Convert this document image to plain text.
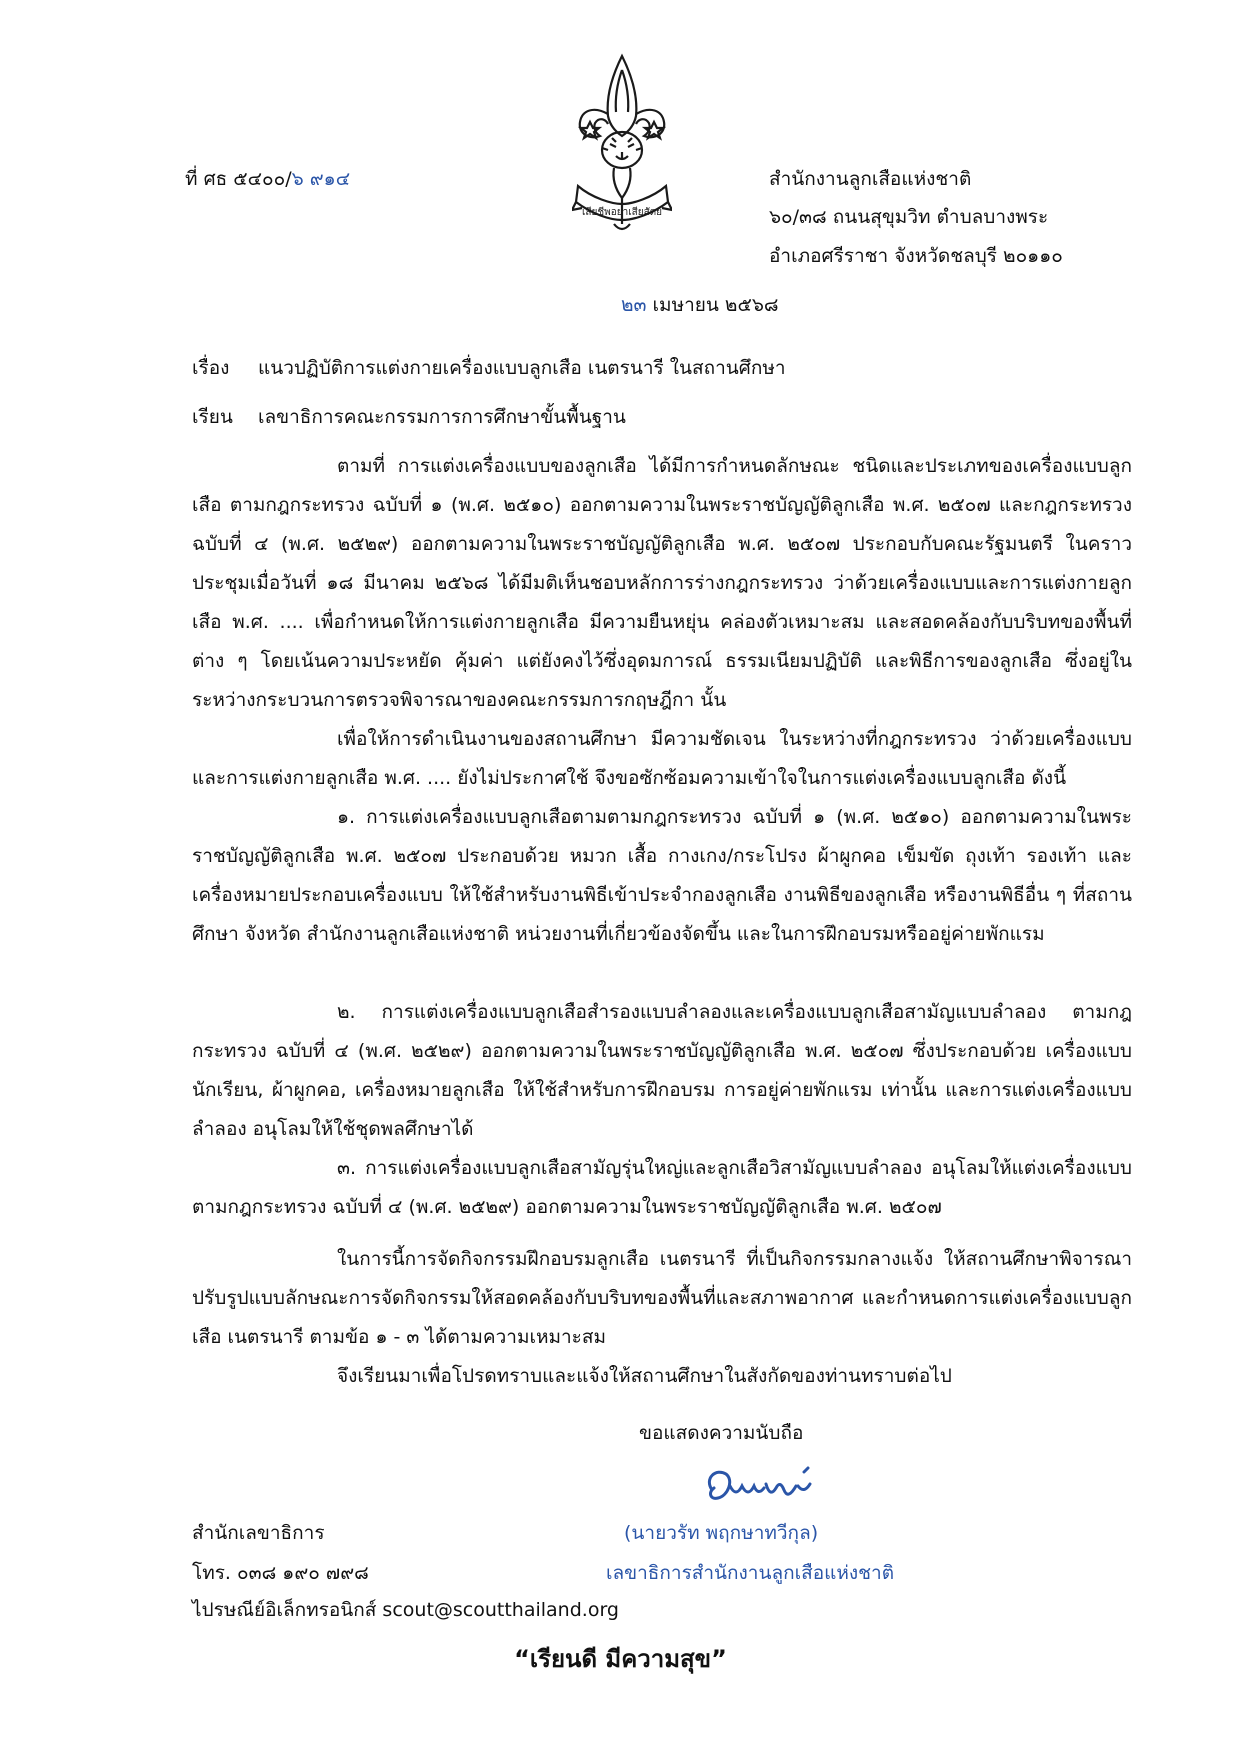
เสียชีพอย่าเสียสัตย์
ที่ ศธ ๕๔๐๐/๖ ๙๑๔	สำนักงานลูกเสือแห่งชาติ
๖๐/๓๘ ถนนสุขุมวิท ตำบลบางพระ
อำเภอศรีราชา จังหวัดชลบุรี ๒๐๑๑๐
๒๓ เมษายน ๒๕๖๘
เรื่อง แนวปฏิบัติการแต่งกายเครื่องแบบลูกเสือ เนตรนารี ในสถานศึกษา
เรียน เลขาธิการคณะกรรมการการศึกษาขั้นพื้นฐาน

ตามที่ การแต่งเครื่องแบบของลูกเสือ ได้มีการกำหนดลักษณะ ชนิดและประเภทของเครื่องแบบลูกเสือ ตามกฎกระทรวง ฉบับที่ ๑ (พ.ศ. ๒๕๑๐) ออกตามความในพระราชบัญญัติลูกเสือ พ.ศ. ๒๕๐๗ และกฎกระทรวง ฉบับที่ ๔ (พ.ศ. ๒๕๒๙) ออกตามความในพระราชบัญญัติลูกเสือ พ.ศ. ๒๕๐๗ ประกอบกับคณะรัฐมนตรี ในคราวประชุมเมื่อวันที่ ๑๘ มีนาคม ๒๕๖๘ ได้มีมติเห็นชอบหลักการร่างกฎกระทรวง ว่าด้วยเครื่องแบบและการแต่งกายลูกเสือ พ.ศ. .... เพื่อกำหนดให้การแต่งกายลูกเสือ มีความยืนหยุ่น คล่องตัวเหมาะสม และสอดคล้องกับบริบทของพื้นที่ต่าง ๆ โดยเน้นความประหยัด คุ้มค่า แต่ยังคงไว้ซึ่งอุดมการณ์ ธรรมเนียมปฏิบัติ และพิธีการของลูกเสือ ซึ่งอยู่ในระหว่างกระบวนการตรวจพิจารณาของคณะกรรมการกฤษฎีกา นั้น

เพื่อให้การดำเนินงานของสถานศึกษา มีความชัดเจน ในระหว่างที่กฎกระทรวง ว่าด้วยเครื่องแบบและการแต่งกายลูกเสือ พ.ศ. .... ยังไม่ประกาศใช้ จึงขอซักซ้อมความเข้าใจในการแต่งเครื่องแบบลูกเสือ ดังนี้

๑. การแต่งเครื่องแบบลูกเสือตามตามกฎกระทรวง ฉบับที่ ๑ (พ.ศ. ๒๕๑๐) ออกตามความในพระราชบัญญัติลูกเสือ พ.ศ. ๒๕๐๗ ประกอบด้วย หมวก เสื้อ กางเกง/กระโปรง ผ้าผูกคอ เข็มขัด ถุงเท้า รองเท้า และเครื่องหมายประกอบเครื่องแบบ ให้ใช้สำหรับงานพิธีเข้าประจำกองลูกเสือ งานพิธีของลูกเสือ หรืองานพิธีอื่น ๆ ที่สถานศึกษา จังหวัด สำนักงานลูกเสือแห่งชาติ หน่วยงานที่เกี่ยวข้องจัดขึ้น และในการฝึกอบรมหรืออยู่ค่ายพักแรม

๒. การแต่งเครื่องแบบลูกเสือสำรองแบบลำลองและเครื่องแบบลูกเสือสามัญแบบลำลอง ตามกฎกระทรวง ฉบับที่ ๔ (พ.ศ. ๒๕๒๙) ออกตามความในพระราชบัญญัติลูกเสือ พ.ศ. ๒๕๐๗ ซึ่งประกอบด้วย เครื่องแบบนักเรียน, ผ้าผูกคอ, เครื่องหมายลูกเสือ ให้ใช้สำหรับการฝึกอบรม การอยู่ค่ายพักแรม เท่านั้น และการแต่งเครื่องแบบลำลอง อนุโลมให้ใช้ชุดพลศึกษาได้

๓. การแต่งเครื่องแบบลูกเสือสามัญรุ่นใหญ่และลูกเสือวิสามัญแบบลำลอง อนุโลมให้แต่งเครื่องแบบตามกฎกระทรวง ฉบับที่ ๔ (พ.ศ. ๒๕๒๙) ออกตามความในพระราชบัญญัติลูกเสือ พ.ศ. ๒๕๐๗

ในการนี้การจัดกิจกรรมฝึกอบรมลูกเสือ เนตรนารี ที่เป็นกิจกรรมกลางแจ้ง ให้สถานศึกษาพิจารณาปรับรูปแบบลักษณะการจัดกิจกรรมให้สอดคล้องกับบริบทของพื้นที่และสภาพอากาศ และกำหนดการแต่งเครื่องแบบลูกเสือ เนตรนารี ตามข้อ ๑ - ๓ ได้ตามความเหมาะสม

จึงเรียนมาเพื่อโปรดทราบและแจ้งให้สถานศึกษาในสังกัดของท่านทราบต่อไป

ขอแสดงความนับถือ
(นายวรัท พฤกษาทวีกุล)
เลขาธิการสำนักงานลูกเสือแห่งชาติ
สำนักเลขาธิการ
โทร. ๐๓๘ ๑๙๐ ๗๙๘
ไปรษณีย์อิเล็กทรอนิกส์ scout@scoutthailand.org
“เรียนดี มีความสุข”
